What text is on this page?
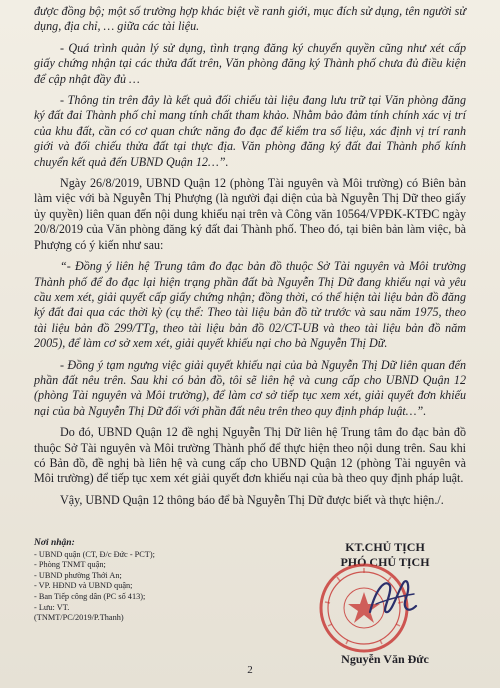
được đồng bộ; một số trường hợp khác biệt về ranh giới, mục đích sử dụng, tên người sử dụng, địa chỉ, … giữa các tài liệu.

- Quá trình quản lý sử dụng, tình trạng đăng ký chuyển quyền cũng như xét cấp giấy chứng nhận tại các thửa đất trên, Văn phòng đăng ký Thành phố chưa đủ điều kiện để cập nhật đầy đủ …

- Thông tin trên đây là kết quả đối chiếu tài liệu đang lưu trữ tại Văn phòng đăng ký đất đai Thành phố chỉ mang tính chất tham khảo. Nhằm bảo đảm tính chính xác vị trí của khu đất, cần có cơ quan chức năng đo đạc để kiểm tra số liệu, xác định vị trí ranh giới và đối chiếu thửa đất tại thực địa. Văn phòng đăng ký đất đai Thành phố kính chuyển kết quả đến UBND Quận 12…”.

Ngày 26/8/2019, UBND Quận 12 (phòng Tài nguyên và Môi trường) có Biên bản làm việc với bà Nguyễn Thị Phượng (là người đại diện của bà Nguyễn Thị Dữ theo giấy ủy quyền) liên quan đến nội dung khiếu nại trên và Công văn 10564/VPĐK-KTĐC ngày 20/8/2019 của Văn phòng đăng ký đất đai Thành phố. Theo đó, tại biên bản làm việc, bà Phượng có ý kiến như sau:

“- Đồng ý liên hệ Trung tâm đo đạc bản đồ thuộc Sở Tài nguyên và Môi trường Thành phố để đo đạc lại hiện trạng phần đất bà Nguyễn Thị Dữ đang khiếu nại và yêu cầu xem xét, giải quyết cấp giấy chứng nhận; đồng thời, có thể hiện tài liệu bản đồ đăng ký đất đai qua các thời kỳ (cụ thể: Theo tài liệu bản đồ từ trước và sau năm 1975, theo tài liệu bản đồ 299/TTg, theo tài liệu bản đồ 02/CT-UB và theo tài liệu bản đồ năm 2005), để làm cơ sở xem xét, giải quyết khiếu nại cho bà Nguyễn Thị Dữ.

- Đồng ý tạm ngưng việc giải quyết khiếu nại của bà Nguyễn Thị Dữ liên quan đến phần đất nêu trên. Sau khi có bản đồ, tôi sẽ liên hệ và cung cấp cho UBND Quận 12 (phòng Tài nguyên và Môi trường), để làm cơ sở tiếp tục xem xét, giải quyết đơn khiếu nại của bà Nguyễn Thị Dữ đối với phần đất nêu trên theo quy định pháp luật…”.

Do đó, UBND Quận 12 đề nghị Nguyễn Thị Dữ liên hệ Trung tâm đo đạc bản đồ thuộc Sở Tài nguyên và Môi trường Thành phố để thực hiện theo nội dung trên. Sau khi có Bản đồ, đề nghị bà liên hệ và cung cấp cho UBND Quận 12 (phòng Tài nguyên và Môi trường) để tiếp tục xem xét giải quyết đơn khiếu nại của bà theo quy định pháp luật.

Vậy, UBND Quận 12 thông báo để bà Nguyễn Thị Dữ được biết và thực hiện./.

Nơi nhận:
- UBND quận (CT, Đ/c Đức - PCT);
- Phòng TNMT quận;
- UBND phường Thới An;
- VP. HĐND và UBND quận;
- Ban Tiếp công dân (PC số 413);
- Lưu: VT.
(TNMT/PC/2019/P.Thanh)
KT.CHỦ TỊCH
PHÓ CHỦ TỊCH
Nguyễn Văn Đức
2
